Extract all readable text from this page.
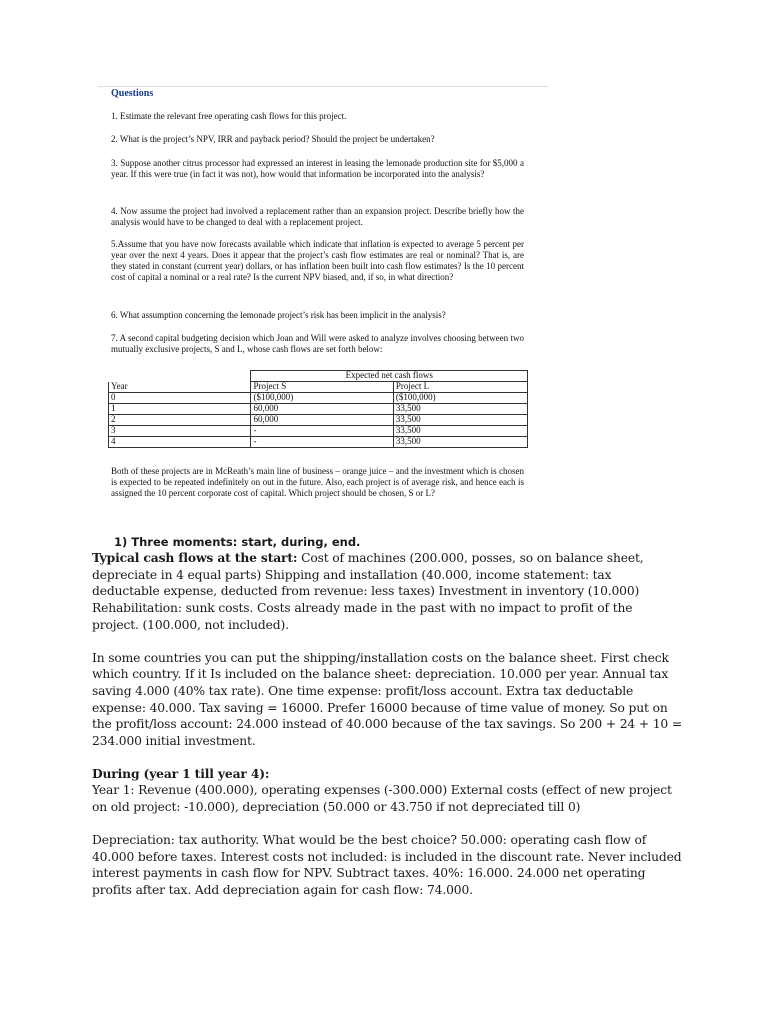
Questions
1. Estimate the relevant free operating cash flows for this project.
2. What is the project’s NPV, IRR and payback period? Should the project be undertaken?
3. Suppose another citrus processor had expressed an interest in leasing the lemonade production site for $5,000 a year. If this were true (in fact it was not), how would that information be incorporated into the analysis?
4. Now assume the project had involved a replacement rather than an expansion project. Describe briefly how the analysis would have to be changed to deal with a replacement project.
5.Assume that you have now forecasts available which indicate that inflation is expected to average 5 percent per year over the next 4 years. Does it appear that the project’s cash flow estimates are real or nominal? That is, are they stated in constant (current year) dollars, or has inflation been built into cash flow estimates? Is the 10 percent cost of capital a nominal or a real rate? Is the current NPV biased, and, if so, in what direction?
6. What assumption concerning the lemonade project’s risk has been implicit in the analysis?
7. A second capital budgeting decision which Joan and Will were asked to analyze involves choosing between two mutually exclusive projects, S and L, whose cash flows are set forth below:
	Expected net cash flows	
Year	Project S	Project L
0	($100,000)	($100,000)
1	60,000	33,500
2	60,000	33,500
3	-	33,500
4	-	33,500
Both of these projects are in McReath’s main line of business – orange juice – and the investment which is chosen is expected to be repeated indefinitely on out in the future. Also, each project is of average risk, and hence each is assigned the 10 percent corporate cost of capital. Which project should be chosen, S or L?
1) Three moments: start, during, end.

Typical cash flows at the start: Cost of machines (200.000, posses, so on balance sheet, depreciate in 4 equal parts) Shipping and installation (40.000, income statement: tax deductable expense, deducted from revenue: less taxes) Investment in inventory (10.000) Rehabilitation: sunk costs. Costs already made in the past with no impact to profit of the project. (100.000, not included).

In some countries you can put the shipping/installation costs on the balance sheet. First check which country. If it Is included on the balance sheet: depreciation. 10.000 per year. Annual tax saving 4.000 (40% tax rate). One time expense: profit/loss account. Extra tax deductable expense: 40.000. Tax saving = 16000. Prefer 16000 because of time value of money. So put on the profit/loss account: 24.000 instead of 40.000 because of the tax savings. So 200 + 24 + 10 = 234.000 initial investment.

During (year 1 till year 4):

Year 1: Revenue (400.000), operating expenses (-300.000) External costs (effect of new project on old project: -10.000), depreciation (50.000 or 43.750 if not depreciated till 0)

Depreciation: tax authority. What would be the best choice? 50.000: operating cash flow of 40.000 before taxes. Interest costs not included: is included in the discount rate. Never included interest payments in cash flow for NPV. Subtract taxes. 40%: 16.000. 24.000 net operating profits after tax. Add depreciation again for cash flow: 74.000.
